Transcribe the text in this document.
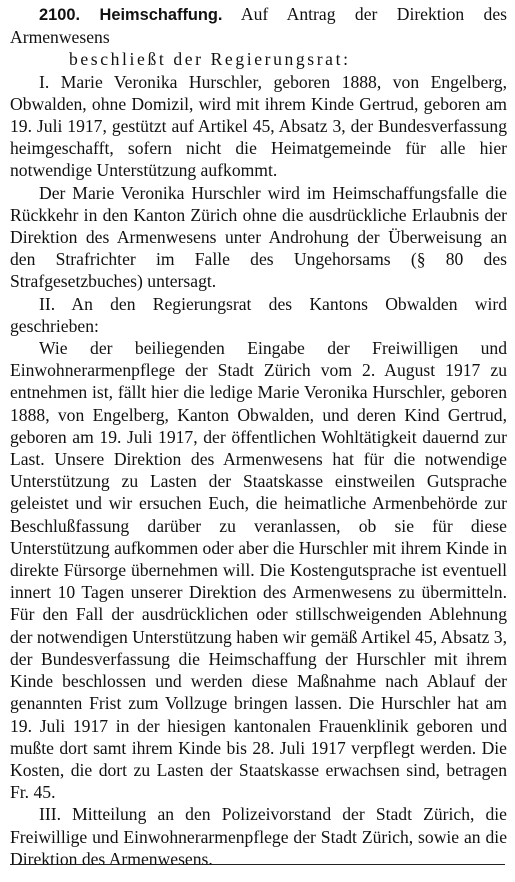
2100. Heimschaffung. Auf Antrag der Direktion des Armenwesens
beschließt der Regierungsrat:

I. Marie Veronika Hurschler, geboren 1888, von Engelberg, Obwalden, ohne Domizil, wird mit ihrem Kinde Gertrud, geboren am 19. Juli 1917, gestützt auf Artikel 45, Absatz 3, der Bundesverfassung heimgeschafft, sofern nicht die Heimatgemeinde für alle hier notwendige Unterstützung aufkommt.

Der Marie Veronika Hurschler wird im Heimschaffungsfalle die Rückkehr in den Kanton Zürich ohne die ausdrückliche Erlaubnis der Direktion des Armenwesens unter Androhung der Überweisung an den Strafrichter im Falle des Ungehorsams (§ 80 des Strafgesetzbuches) untersagt.

II. An den Regierungsrat des Kantons Obwalden wird geschrieben:

Wie der beiliegenden Eingabe der Freiwilligen und Einwohnerarmenpflege der Stadt Zürich vom 2. August 1917 zu entnehmen ist, fällt hier die ledige Marie Veronika Hurschler, geboren 1888, von Engelberg, Kanton Obwalden, und deren Kind Gertrud, geboren am 19. Juli 1917, der öffentlichen Wohltätigkeit dauernd zur Last. Unsere Direktion des Armenwesens hat für die notwendige Unterstützung zu Lasten der Staatskasse einstweilen Gutsprache geleistet und wir ersuchen Euch, die heimatliche Armenbehörde zur Beschlußfassung darüber zu veranlassen, ob sie für diese Unterstützung aufkommen oder aber die Hurschler mit ihrem Kinde in direkte Fürsorge übernehmen will. Die Kostengutsprache ist eventuell innert 10 Tagen unserer Direktion des Armenwesens zu übermitteln. Für den Fall der ausdrücklichen oder stillschweigenden Ablehnung der notwendigen Unterstützung haben wir gemäß Artikel 45, Absatz 3, der Bundesverfassung die Heimschaffung der Hurschler mit ihrem Kinde beschlossen und werden diese Maßnahme nach Ablauf der genannten Frist zum Vollzuge bringen lassen. Die Hurschler hat am 19. Juli 1917 in der hiesigen kantonalen Frauenklinik geboren und mußte dort samt ihrem Kinde bis 28. Juli 1917 verpflegt werden. Die Kosten, die dort zu Lasten der Staatskasse erwachsen sind, betragen Fr. 45.

III. Mitteilung an den Polizeivorstand der Stadt Zürich, die Freiwillige und Einwohnerarmenpflege der Stadt Zürich, sowie an die Direktion des Armenwesens.
